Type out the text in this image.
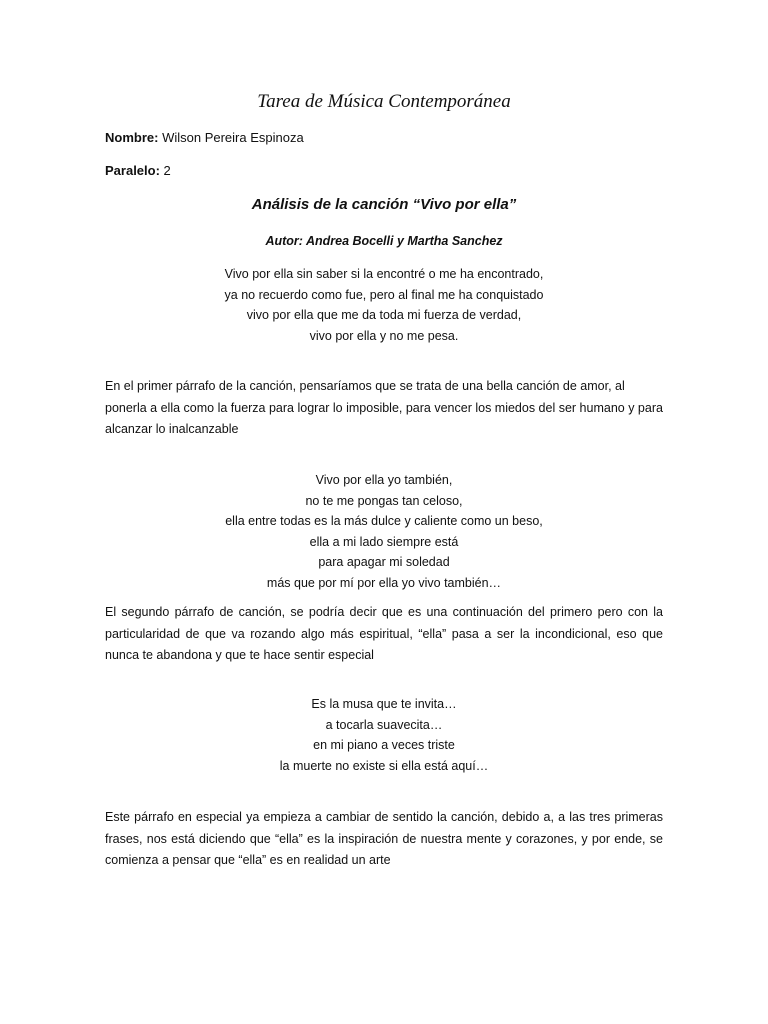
Tarea de Música Contemporánea
Nombre: Wilson Pereira Espinoza
Paralelo: 2
Análisis de la canción “Vivo por ella”
Autor: Andrea Bocelli y Martha Sanchez
Vivo por ella sin saber si la encontré o me ha encontrado,
ya no recuerdo como fue, pero al final me ha conquistado
vivo por ella que me da toda mi fuerza de verdad,
vivo por ella y no me pesa.
En el primer párrafo de la canción, pensaríamos que se trata de una bella canción de amor, al ponerla a ella como la fuerza para lograr lo imposible, para vencer los miedos del ser humano y para alcanzar lo inalcanzable
Vivo por ella yo también,
no te me pongas tan celoso,
ella entre todas es la más dulce y caliente como un beso,
ella a mi lado siempre está
para apagar mi soledad
más que por mí por ella yo vivo también…
El segundo párrafo de canción, se podría decir que es una continuación del primero pero con la particularidad de que va rozando algo más espiritual, “ella” pasa a ser la incondicional, eso que nunca te abandona y que te hace sentir especial
Es la musa que te invita…
a tocarla suavecita…
en mi piano a veces triste
la muerte no existe si ella está aquí…
Este párrafo en especial ya empieza a cambiar de sentido la canción, debido a, a las tres primeras frases, nos está diciendo que “ella” es la inspiración de nuestra mente y corazones, y por ende, se comienza a pensar que “ella” es en realidad un arte
